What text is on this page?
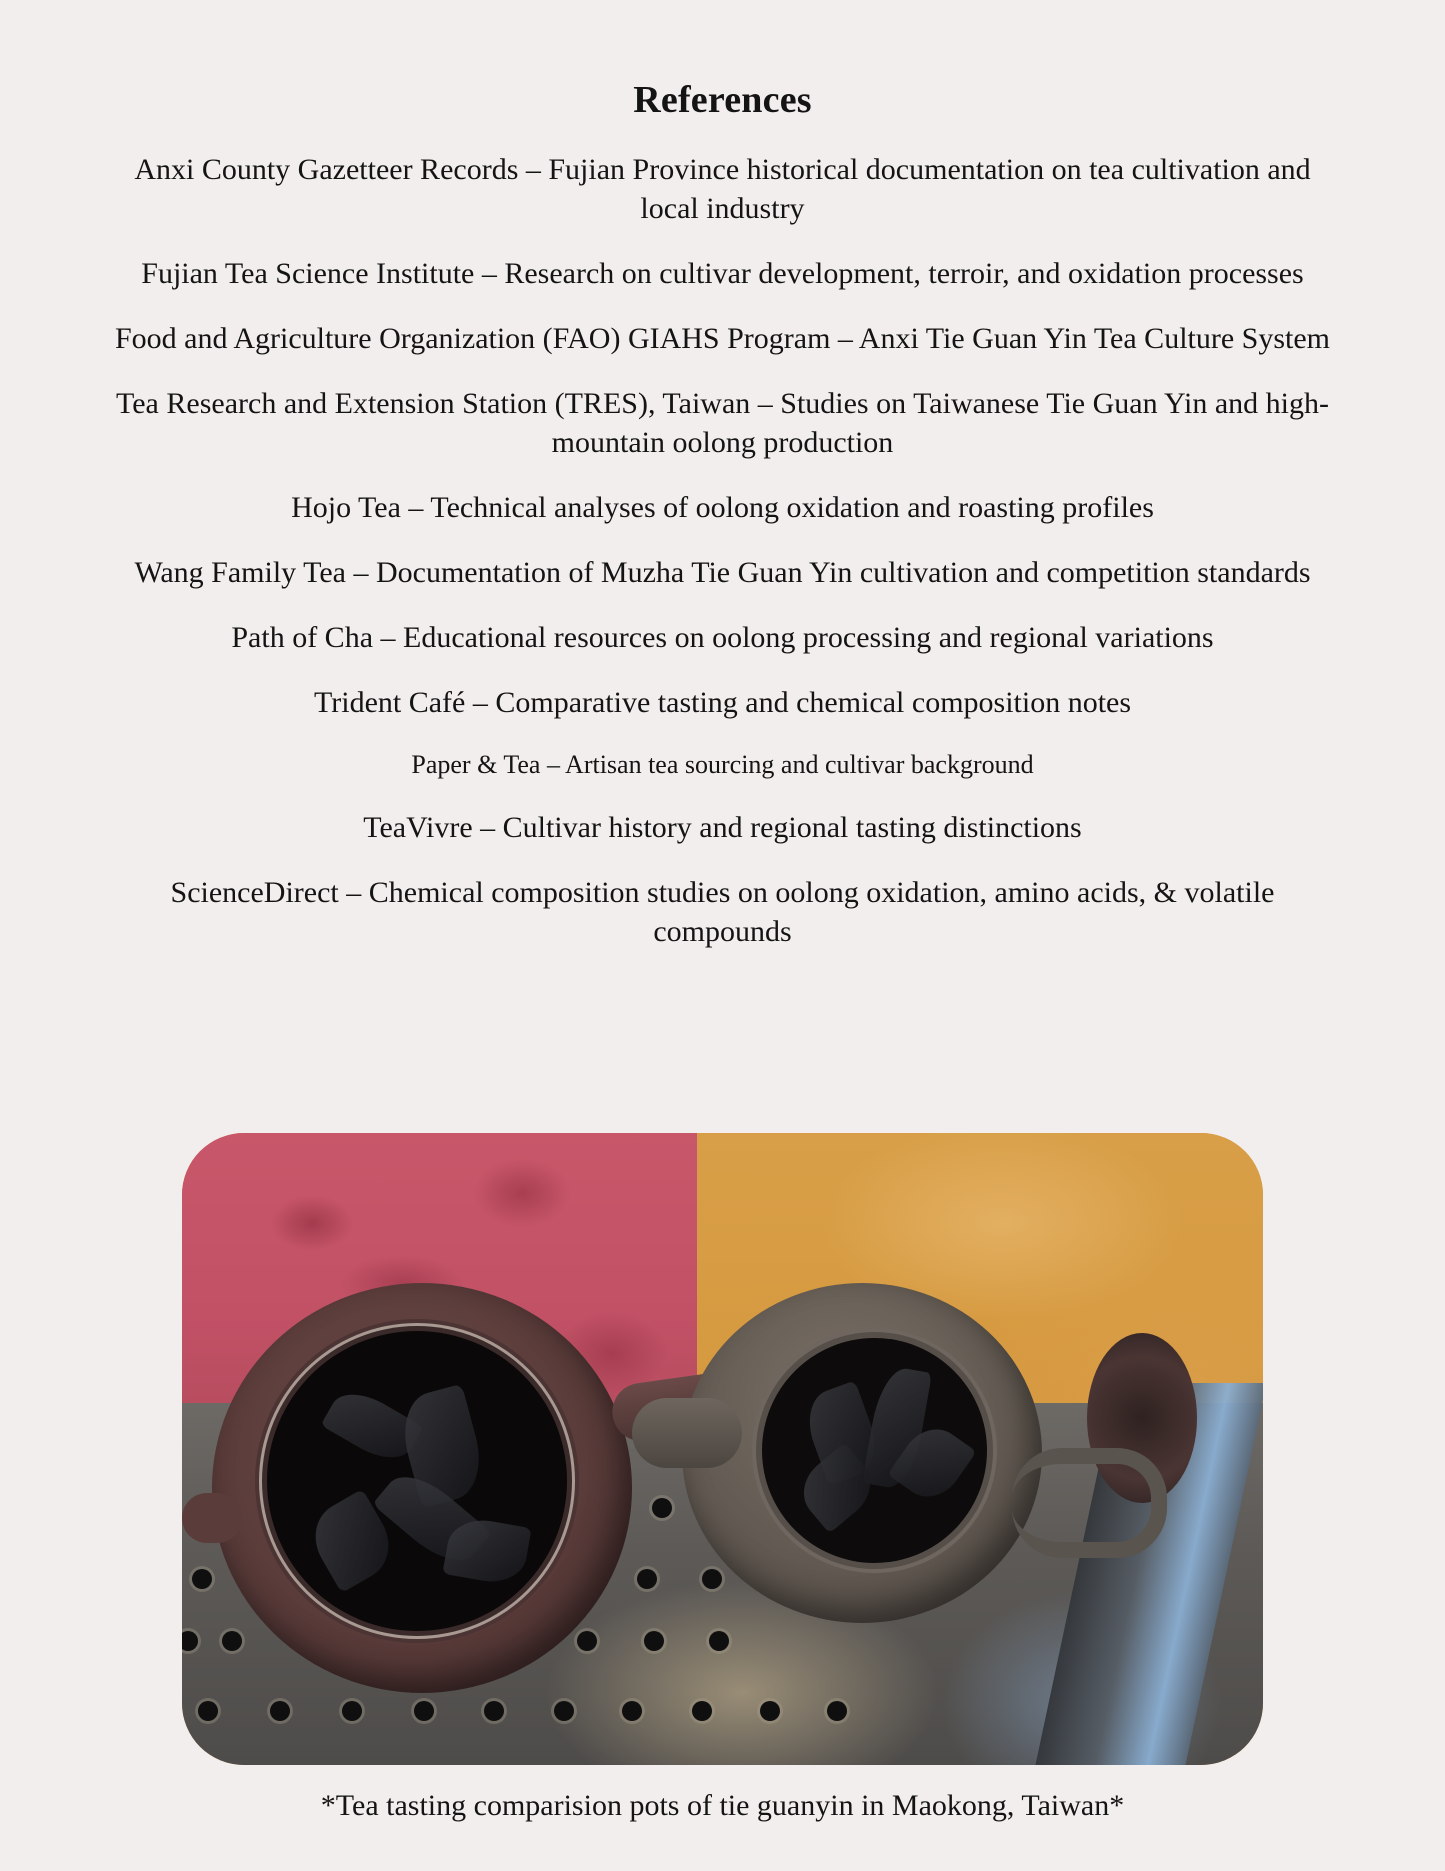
References
Anxi County Gazetteer Records – Fujian Province historical documentation on tea cultivation and local industry
Fujian Tea Science Institute – Research on cultivar development, terroir, and oxidation processes
Food and Agriculture Organization (FAO) GIAHS Program – Anxi Tie Guan Yin Tea Culture System
Tea Research and Extension Station (TRES), Taiwan – Studies on Taiwanese Tie Guan Yin and high-mountain oolong production
Hojo Tea – Technical analyses of oolong oxidation and roasting profiles
Wang Family Tea – Documentation of Muzha Tie Guan Yin cultivation and competition standards
Path of Cha – Educational resources on oolong processing and regional variations
Trident Café – Comparative tasting and chemical composition notes
Paper & Tea – Artisan tea sourcing and cultivar background
TeaVivre – Cultivar history and regional tasting distinctions
ScienceDirect – Chemical composition studies on oolong oxidation, amino acids, & volatile compounds

*Tea tasting comparision pots of tie guanyin in Maokong, Taiwan*
